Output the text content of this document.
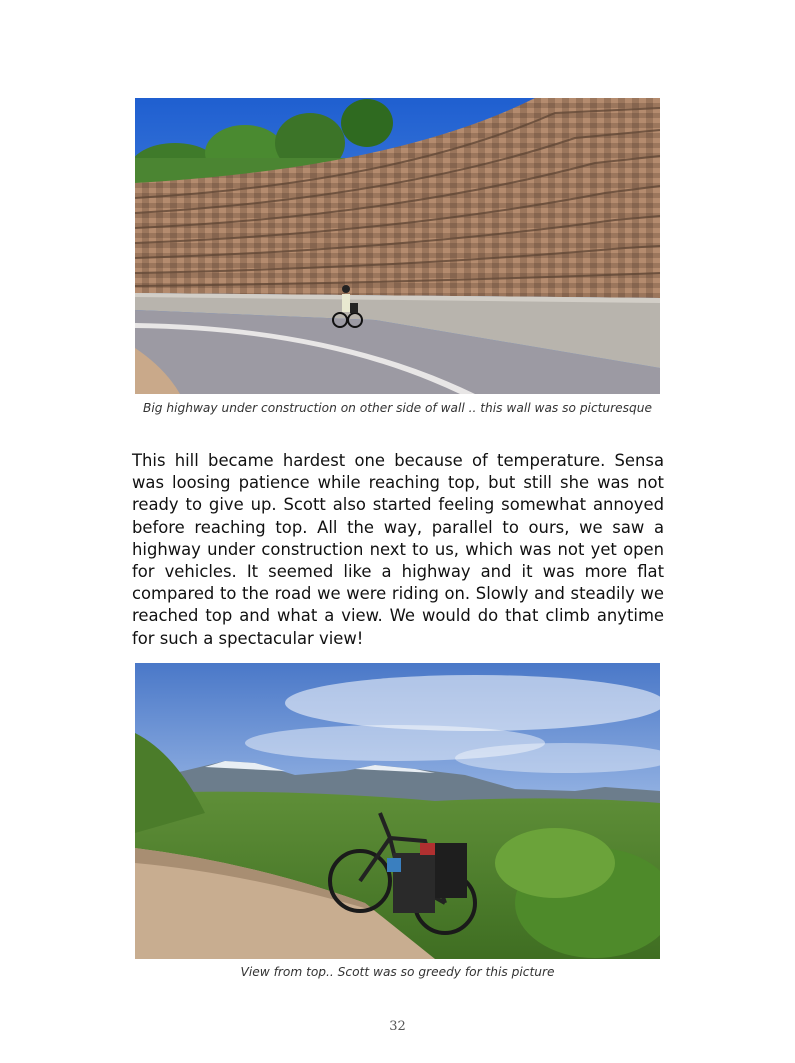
Big highway under construction on other side of wall .. this wall was so picturesque

This hill became hardest one because of temperature. Sensa was loosing patience while reaching top, but still she was not ready to give up. Scott also started feeling somewhat annoyed before reaching top. All the way, parallel to ours, we saw a highway under construction next to us, which was not yet open for vehicles. It seemed like a highway and it was more flat compared to the road we were riding on. Slowly and steadily we reached top and what a view. We would do that climb anytime for such a spectacular view!

View from top.. Scott was so greedy for this picture
32
